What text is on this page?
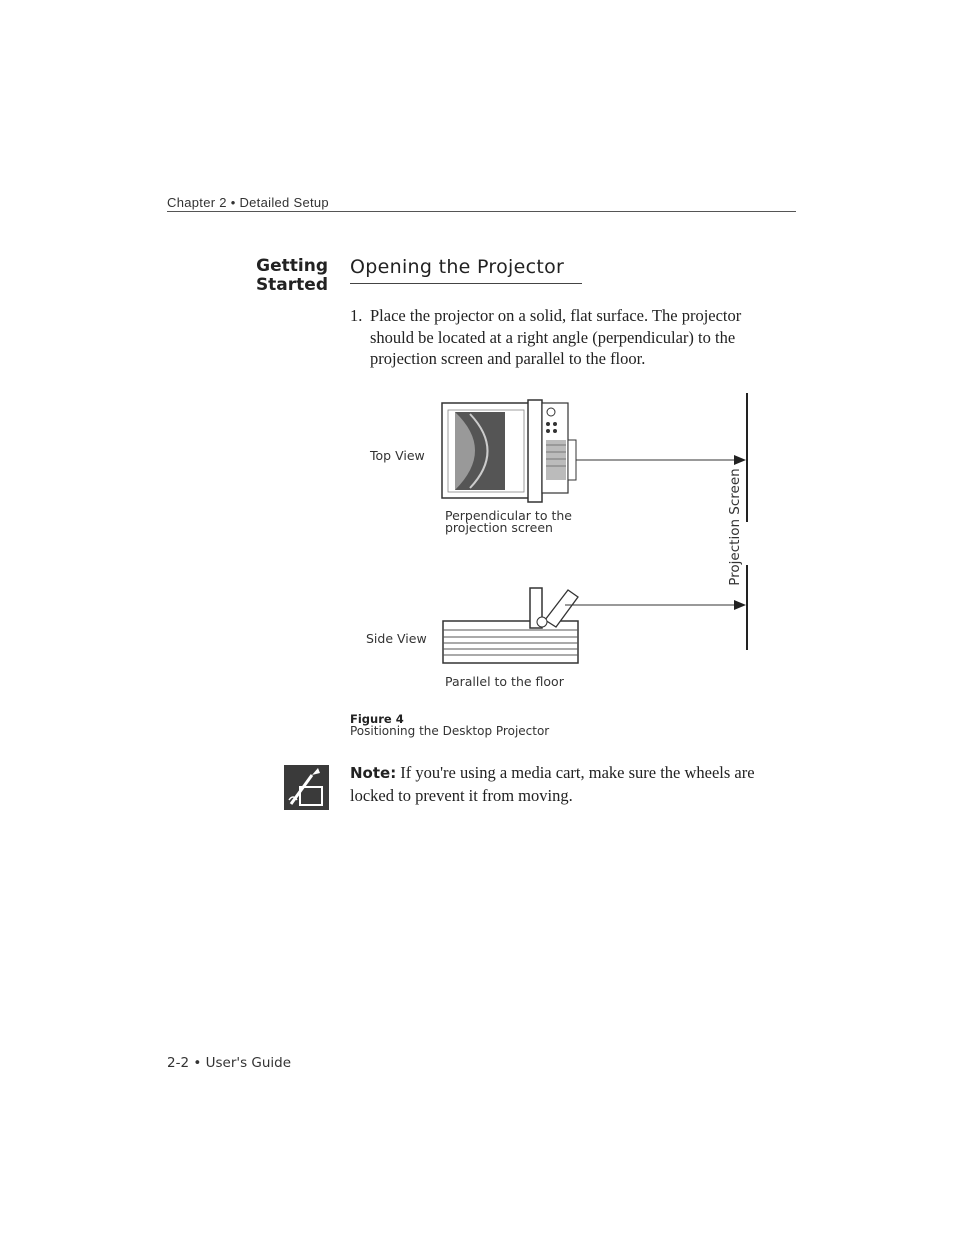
Chapter 2 • Detailed Setup
Getting
Started
Opening the Projector
1. Place the projector on a solid, flat surface. The projector should be located at a right angle (perpendicular) to the projection screen and parallel to the floor.
Top View
Perpendicular to the
projection screen
Side View
Parallel to the floor
Projection Screen
Figure 4
Positioning the Desktop Projector
Note: If you're using a media cart, make sure the wheels are locked to prevent it from moving.
2-2 • User's Guide
